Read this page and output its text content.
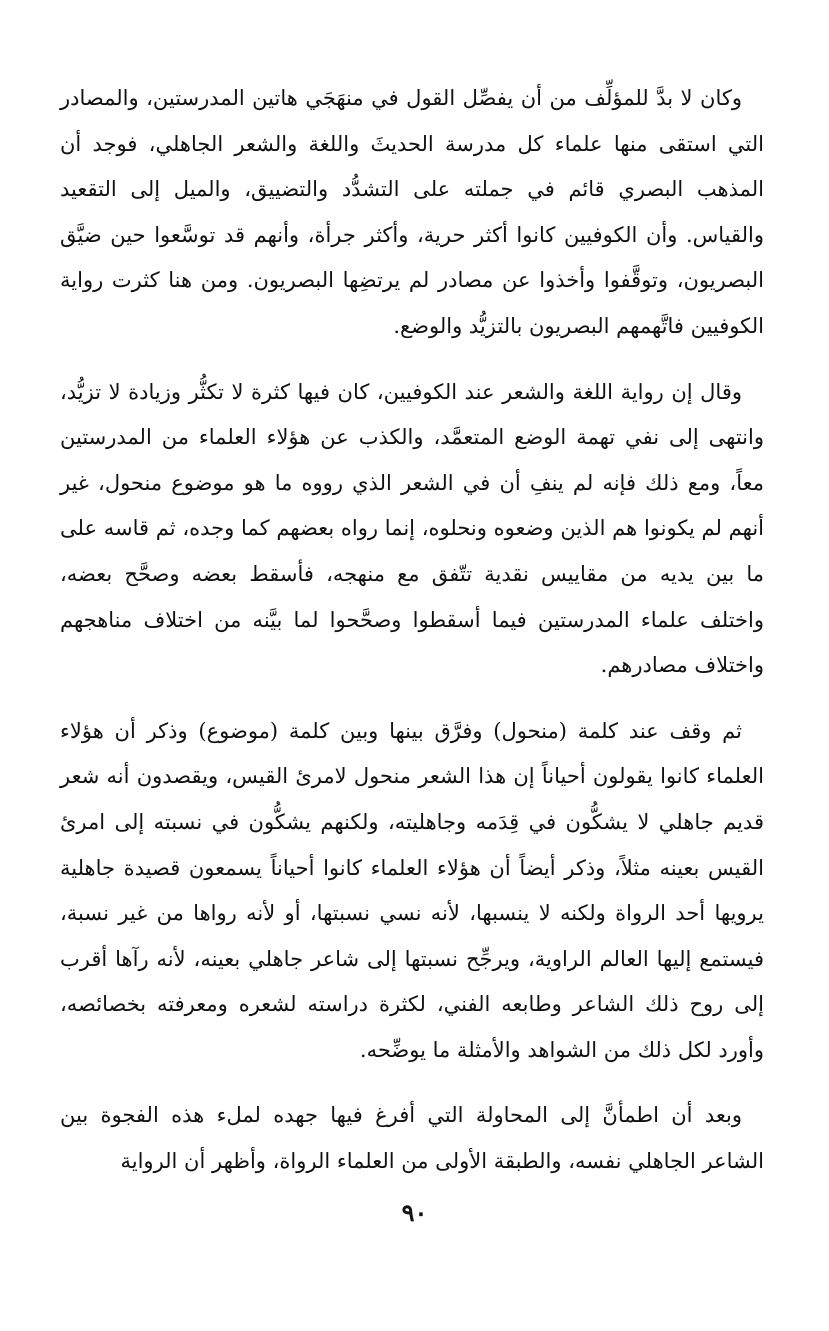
وكان لا بدَّ للمؤلِّف من أن يفصِّل القول في منهَجَي هاتين المدرستين، والمصادر التي استقى منها علماء كل مدرسة الحديثَ واللغة والشعر الجاهلي، فوجد أن المذهب البصري قائم في جملته على التشدُّد والتضييق، والميل إلى التقعيد والقياس. وأن الكوفيين كانوا أكثر حرية، وأكثر جرأة، وأنهم قد توسَّعوا حين ضيَّق البصريون، وتوقَّفوا وأخذوا عن مصادر لم يرتضِها البصريون. ومن هنا كثرت رواية الكوفيين فاتَّهمهم البصريون بالتزيُّد والوضع.

وقال إن رواية اللغة والشعر عند الكوفيين، كان فيها كثرة لا تكثُّر وزيادة لا تزيُّد، وانتهى إلى نفي تهمة الوضع المتعمَّد، والكذب عن هؤلاء العلماء من المدرستين معاً، ومع ذلك فإنه لم ينفِ أن في الشعر الذي رووه ما هو موضوع منحول، غير أنهم لم يكونوا هم الذين وضعوه ونحلوه، إنما رواه بعضهم كما وجده، ثم قاسه على ما بين يديه من مقاييس نقدية تتّفق مع منهجه، فأسقط بعضه وصحَّح بعضه، واختلف علماء المدرستين فيما أسقطوا وصحَّحوا لما بيَّنه من اختلاف مناهجهم واختلاف مصادرهم.

ثم وقف عند كلمة (منحول) وفرَّق بينها وبين كلمة (موضوع) وذكر أن هؤلاء العلماء كانوا يقولون أحياناً إن هذا الشعر منحول لامرئ القيس، ويقصدون أنه شعر قديم جاهلي لا يشكُّون في قِدَمه وجاهليته، ولكنهم يشكُّون في نسبته إلى امرئ القيس بعينه مثلاً، وذكر أيضاً أن هؤلاء العلماء كانوا أحياناً يسمعون قصيدة جاهلية يرويها أحد الرواة ولكنه لا ينسبها، لأنه نسي نسبتها، أو لأنه رواها من غير نسبة، فيستمع إليها العالم الراوية، ويرجِّح نسبتها إلى شاعر جاهلي بعينه، لأنه رآها أقرب إلى روح ذلك الشاعر وطابعه الفني، لكثرة دراسته لشعره ومعرفته بخصائصه، وأورد لكل ذلك من الشواهد والأمثلة ما يوضِّحه.

وبعد أن اطمأنَّ إلى المحاولة التي أفرغ فيها جهده لملء هذه الفجوة بين الشاعر الجاهلي نفسه، والطبقة الأولى من العلماء الرواة، وأظهر أن الرواية

٩٠
